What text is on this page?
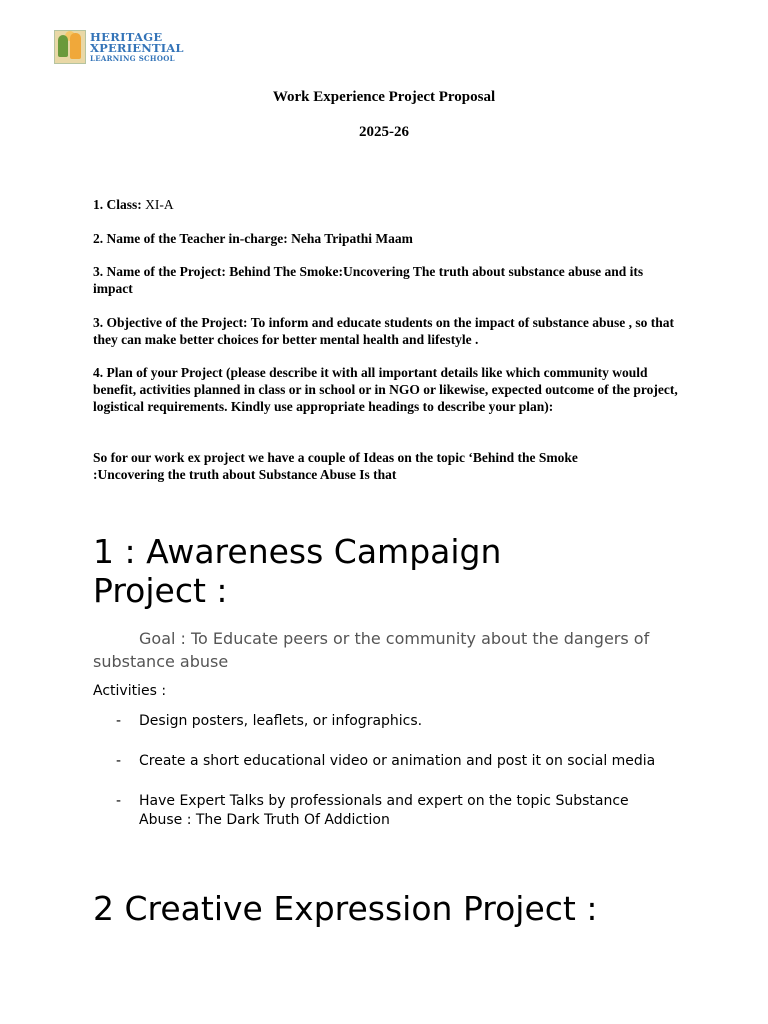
HERITAGE
XPERIENTIAL
LEARNING SCHOOL
Work Experience Project Proposal
2025-26
1. Class: XI-A
2. Name of the Teacher in-charge: Neha Tripathi Maam
3. Name of the Project: Behind The Smoke:Uncovering The truth about substance abuse and its impact
3. Objective of the Project: To inform and educate students on the impact of substance abuse , so that they can make better choices for better mental health and lifestyle .
4. Plan of your Project (please describe it with all important details like which community would benefit, activities planned in class or in school or in NGO or likewise, expected outcome of the project, logistical requirements. Kindly use appropriate headings to describe your plan):
So for our work ex project we have a couple of Ideas on the topic ‘Behind the Smoke :Uncovering the truth about Substance Abuse Is that
1 : Awareness Campaign Project :
Goal : To Educate peers or the community about the dangers of substance abuse
Activities :
- Design posters, leaflets, or infographics.
- Create a short educational video or animation and post it on social media
- Have Expert Talks by professionals and expert on the topic Substance Abuse : The Dark Truth Of Addiction
2 Creative Expression Project :
